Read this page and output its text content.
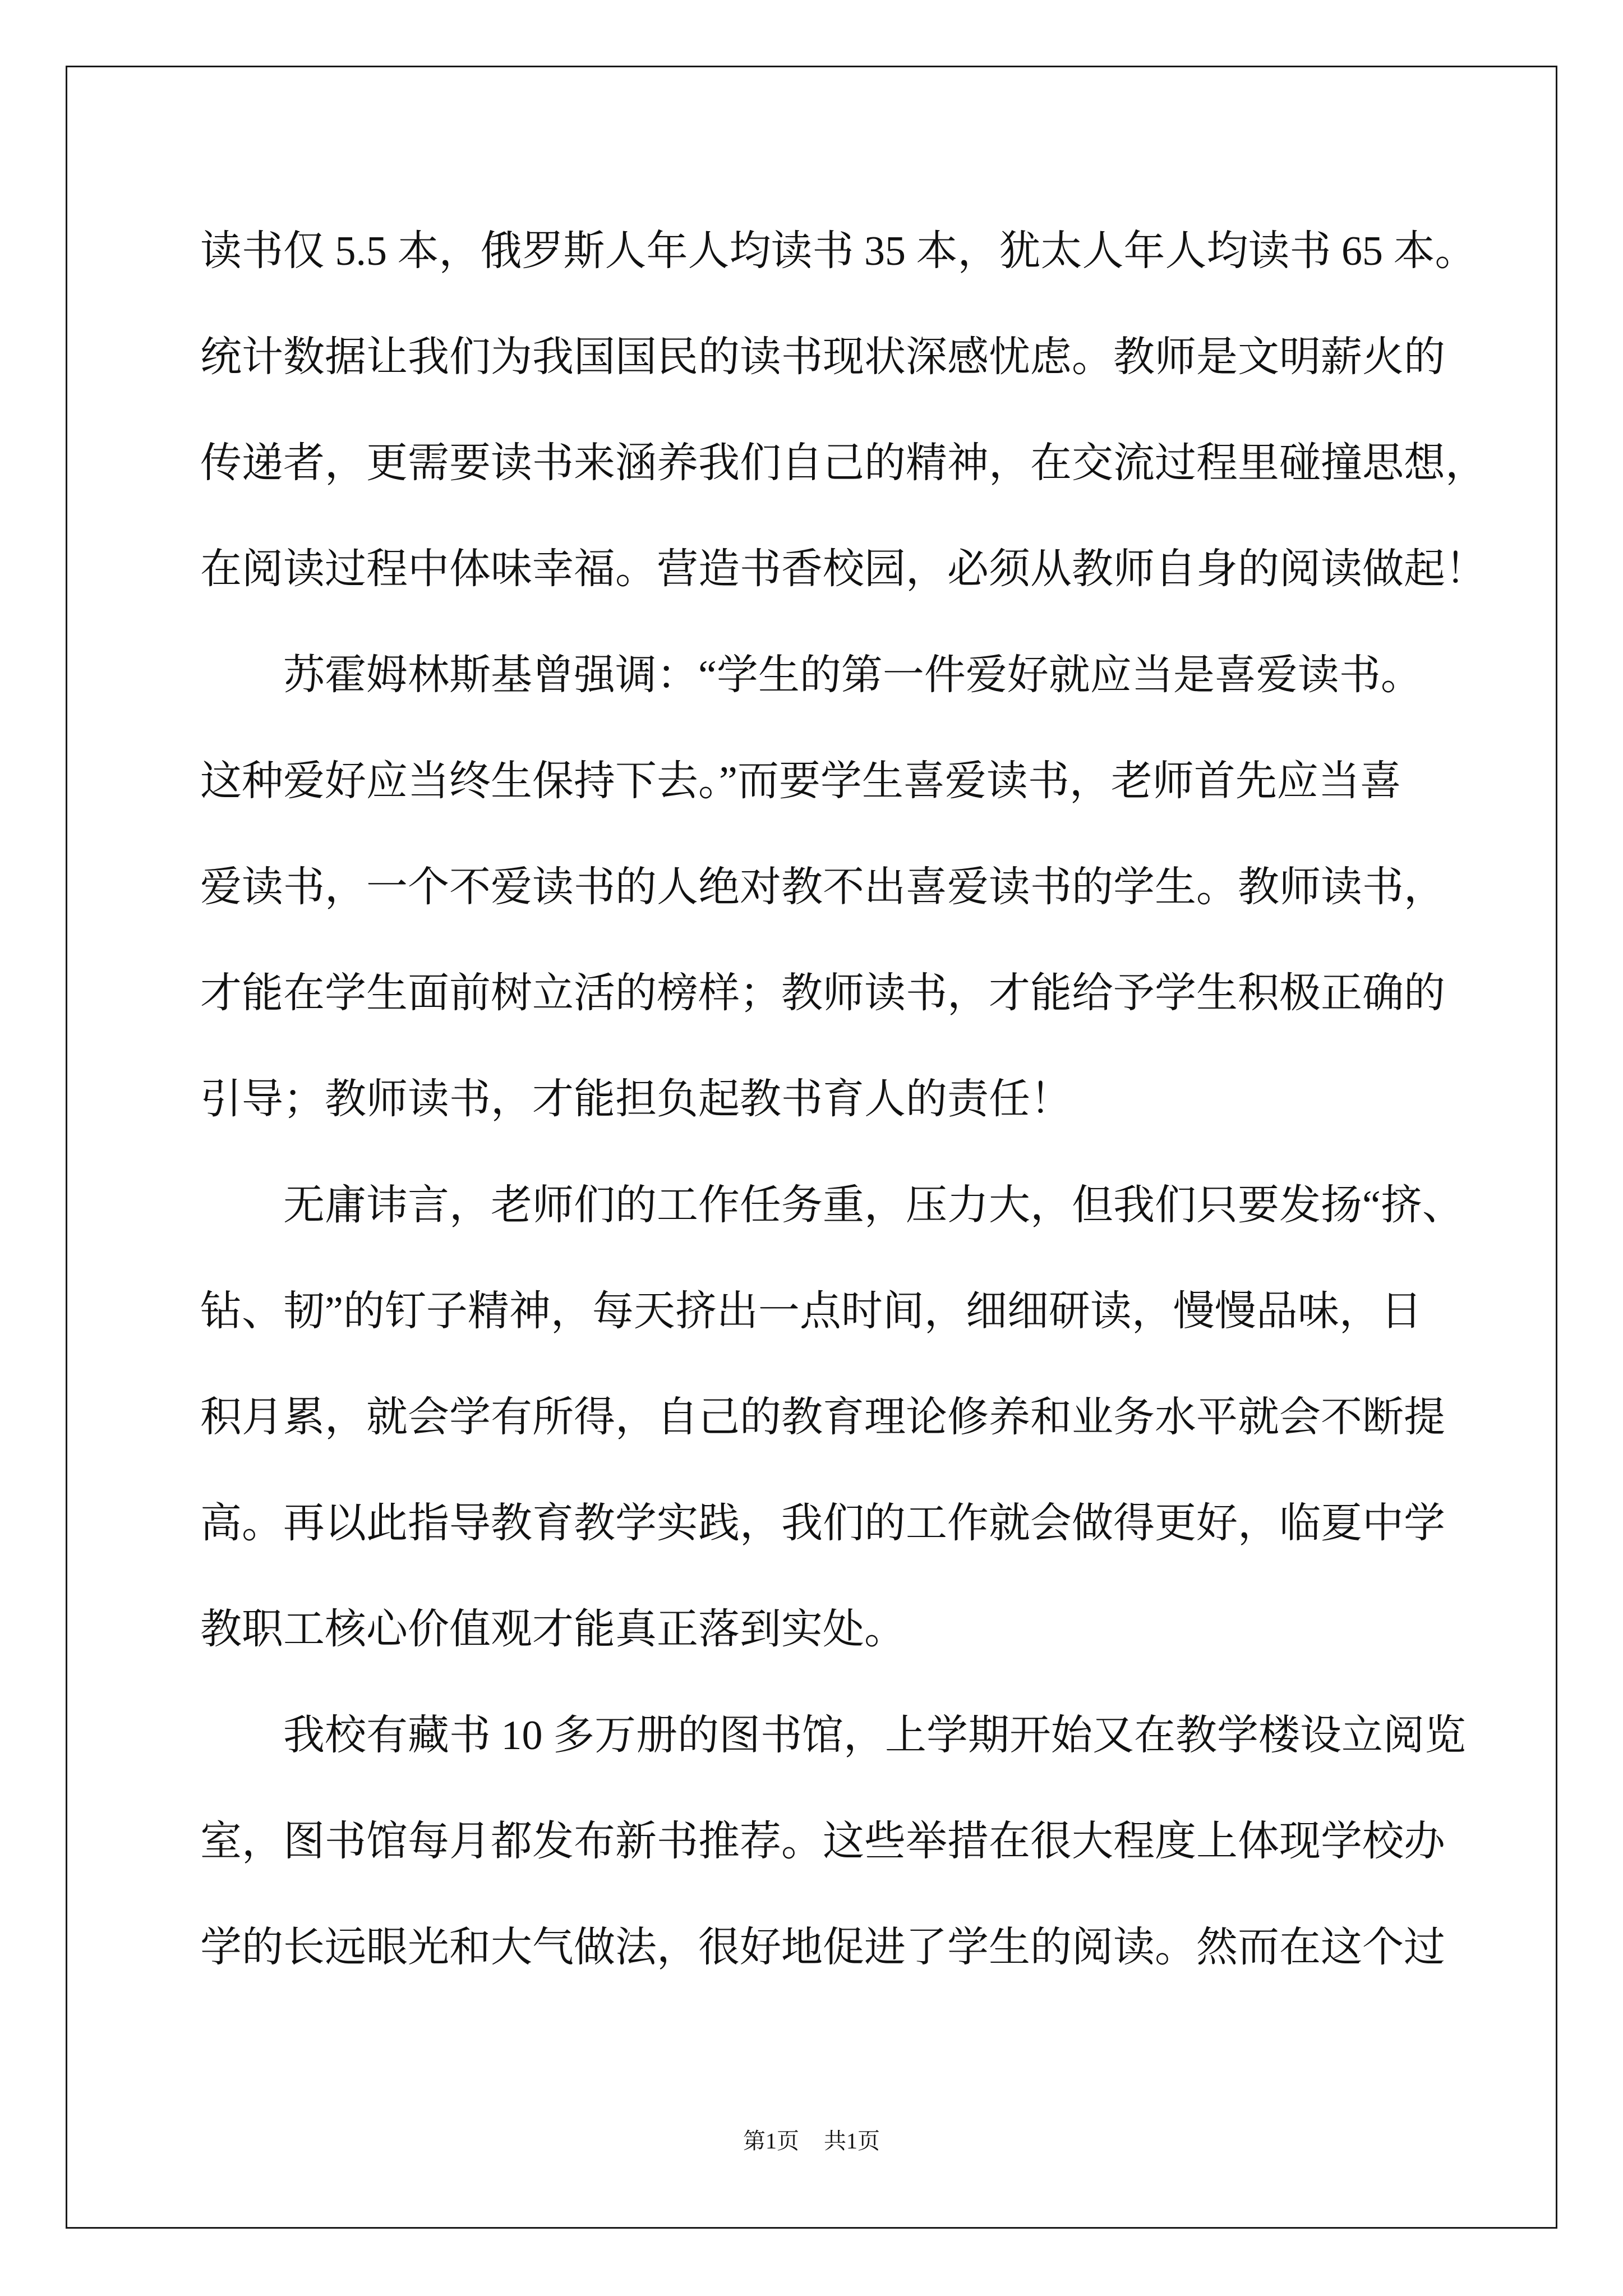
读书仅 5.5 本，俄罗斯人年人均读书 35 本，犹太人年人均读书 65 本。
统计数据让我们为我国国民的读书现状深感忧虑。教师是文明薪火的
传递者，更需要读书来涵养我们自己的精神，在交流过程里碰撞思想，
在阅读过程中体味幸福。营造书香校园，必须从教师自身的阅读做起！
苏霍姆林斯基曾强调：“学生的第一件爱好就应当是喜爱读书。
这种爱好应当终生保持下去。”而要学生喜爱读书，老师首先应当喜
爱读书，一个不爱读书的人绝对教不出喜爱读书的学生。教师读书，
才能在学生面前树立活的榜样；教师读书，才能给予学生积极正确的
引导；教师读书，才能担负起教书育人的责任！
无庸讳言，老师们的工作任务重，压力大，但我们只要发扬“挤、
钻、韧”的钉子精神，每天挤出一点时间，细细研读，慢慢品味，日
积月累，就会学有所得，自己的教育理论修养和业务水平就会不断提
高。再以此指导教育教学实践，我们的工作就会做得更好，临夏中学
教职工核心价值观才能真正落到实处。
我校有藏书 10 多万册的图书馆，上学期开始又在教学楼设立阅览
室，图书馆每月都发布新书推荐。这些举措在很大程度上体现学校办
学的长远眼光和大气做法，很好地促进了学生的阅读。然而在这个过
第1页 共1页
